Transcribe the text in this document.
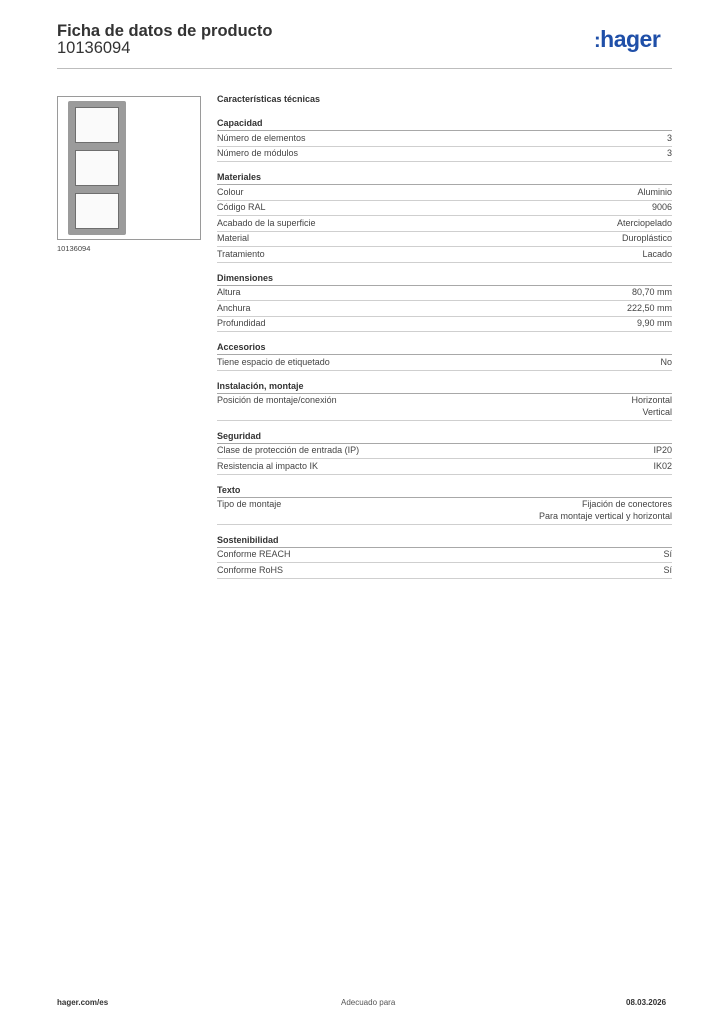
Ficha de datos de producto
10136094	:hager
10136094
Características técnicas
Capacidad
Número de elementos	3
Número de módulos	3
Materiales
Colour	Aluminio
Código RAL	9006
Acabado de la superficie	Aterciopelado
Material	Duroplástico
Tratamiento	Lacado
Dimensiones
Altura	80,70 mm
Anchura	222,50 mm
Profundidad	9,90 mm
Accesorios
Tiene espacio de etiquetado	No
Instalación, montaje
Posición de montaje/conexión	Horizontal
Vertical
Seguridad
Clase de protección de entrada (IP)	IP20
Resistencia al impacto IK	IK02
Texto
Tipo de montaje	Fijación de conectores
Para montaje vertical y horizontal
Sostenibilidad
Conforme REACH	Sí
Conforme RoHS	Sí
hager.com/es	Adecuado para	08.03.2026
